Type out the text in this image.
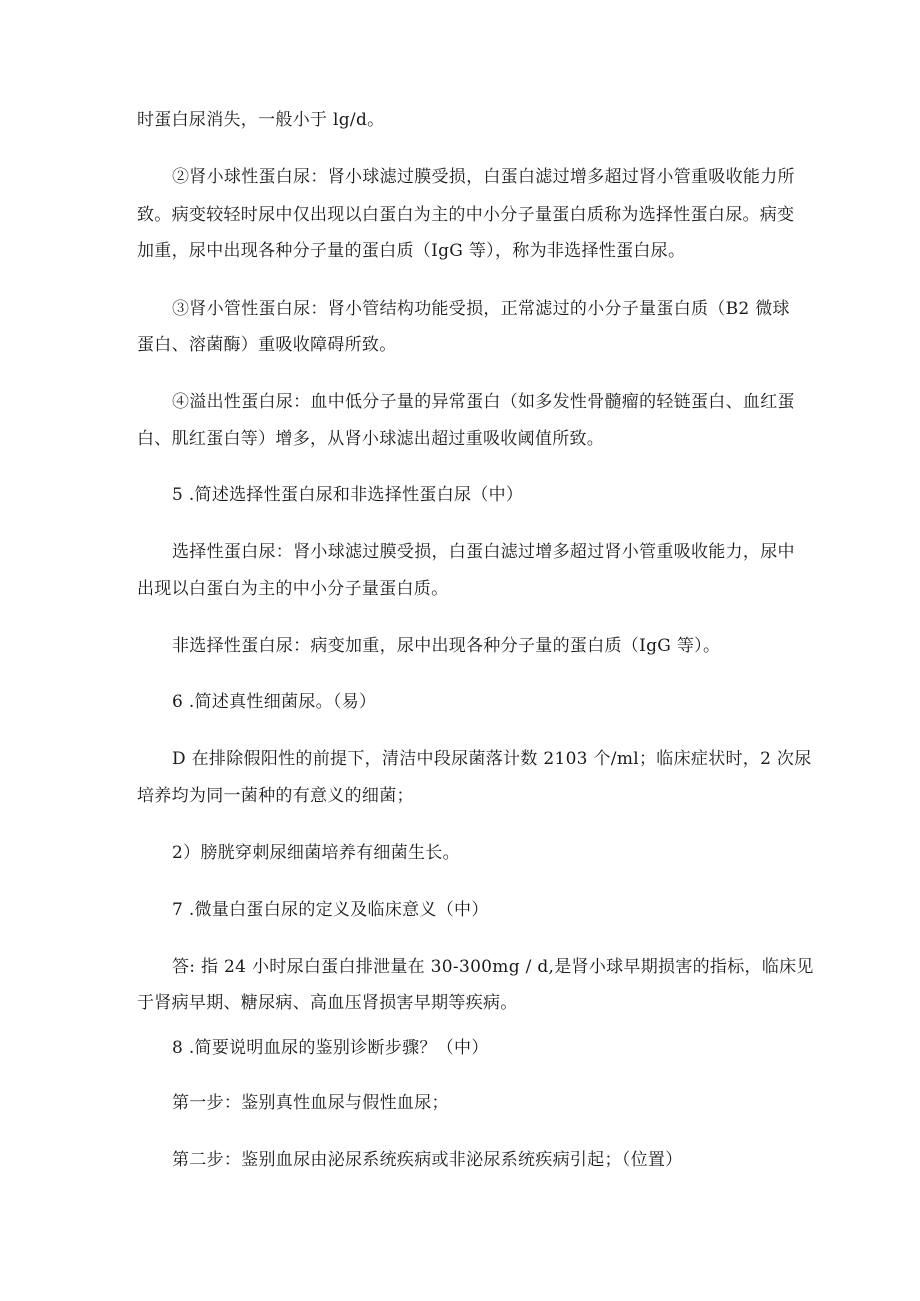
时蛋白尿消失，一般小于 lg/d。
②肾小球性蛋白尿：肾小球滤过膜受损，白蛋白滤过增多超过肾小管重吸收能力所
致。病变较轻时尿中仅出现以白蛋白为主的中小分子量蛋白质称为选择性蛋白尿。病变
加重，尿中出现各种分子量的蛋白质（IgG 等），称为非选择性蛋白尿。
③肾小管性蛋白尿：肾小管结构功能受损，正常滤过的小分子量蛋白质（B2 微球
蛋白、溶菌酶）重吸收障碍所致。
④溢出性蛋白尿：血中低分子量的异常蛋白（如多发性骨髓瘤的轻链蛋白、血红蛋
白、肌红蛋白等）增多，从肾小球滤出超过重吸收阈值所致。
5 .简述选择性蛋白尿和非选择性蛋白尿（中）
选择性蛋白尿：肾小球滤过膜受损，白蛋白滤过增多超过肾小管重吸收能力，尿中
出现以白蛋白为主的中小分子量蛋白质。
非选择性蛋白尿：病变加重，尿中出现各种分子量的蛋白质（IgG 等）。
6 .简述真性细菌尿。（易）
D 在排除假阳性的前提下，清洁中段尿菌落计数 2103 个/ml；临床症状时，2 次尿
培养均为同一菌种的有意义的细菌；
2）膀胱穿刺尿细菌培养有细菌生长。
7 .微量白蛋白尿的定义及临床意义（中）
答: 指 24 小时尿白蛋白排泄量在 30-300mg / d,是肾小球早期损害的指标，临床见
于肾病早期、糖尿病、高血压肾损害早期等疾病。
8 .简要说明血尿的鉴别诊断步骤？（中）
第一步：鉴别真性血尿与假性血尿；
第二步：鉴别血尿由泌尿系统疾病或非泌尿系统疾病引起；（位置）
